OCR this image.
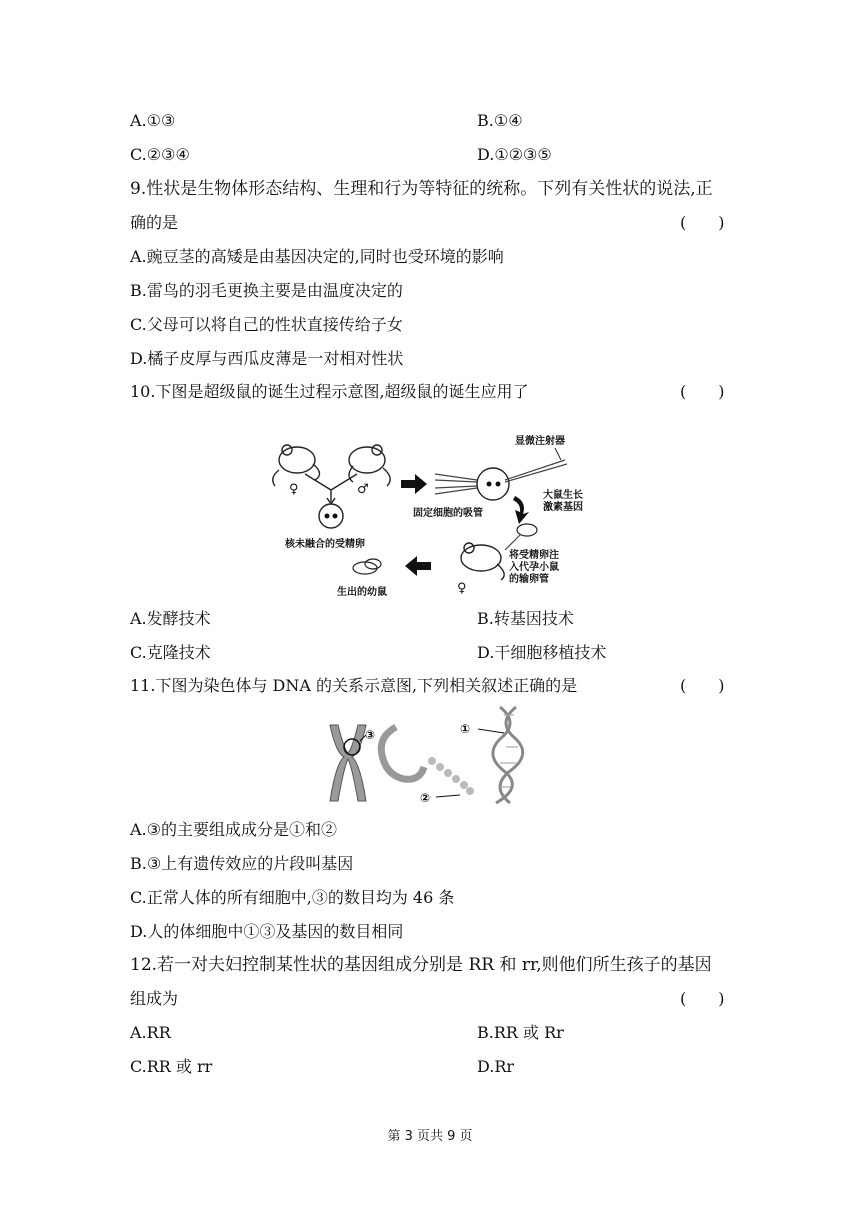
A.①③	B.①④
C.②③④	D.①②③⑤
9.性状是生物体形态结构、生理和行为等特征的统称。下列有关性状的说法,正
确的是	(　　)
A.豌豆茎的高矮是由基因决定的,同时也受环境的影响
B.雷鸟的羽毛更换主要是由温度决定的
C.父母可以将自己的性状直接传给子女
D.橘子皮厚与西瓜皮薄是一对相对性状
10.下图是超级鼠的诞生过程示意图,超级鼠的诞生应用了	(　　)
♀	♂
核未融合的受精卵
显微注射器
固定细胞的吸管
大鼠生长
激素基因
♀
将受精卵注
入代孕小鼠
的输卵管
生出的幼鼠
A.发酵技术	B.转基因技术
C.克隆技术	D.干细胞移植技术
11.下图为染色体与 DNA 的关系示意图,下列相关叙述正确的是	(　　)
③	①
②
A.③的主要组成成分是①和②
B.③上有遗传效应的片段叫基因
C.正常人体的所有细胞中,③的数目均为 46 条
D.人的体细胞中①③及基因的数目相同
12.若一对夫妇控制某性状的基因组成分别是 RR 和 rr,则他们所生孩子的基因
组成为	(　　)
A.RR	B.RR 或 Rr
C.RR 或 rr	D.Rr
第 3 页共 9 页
